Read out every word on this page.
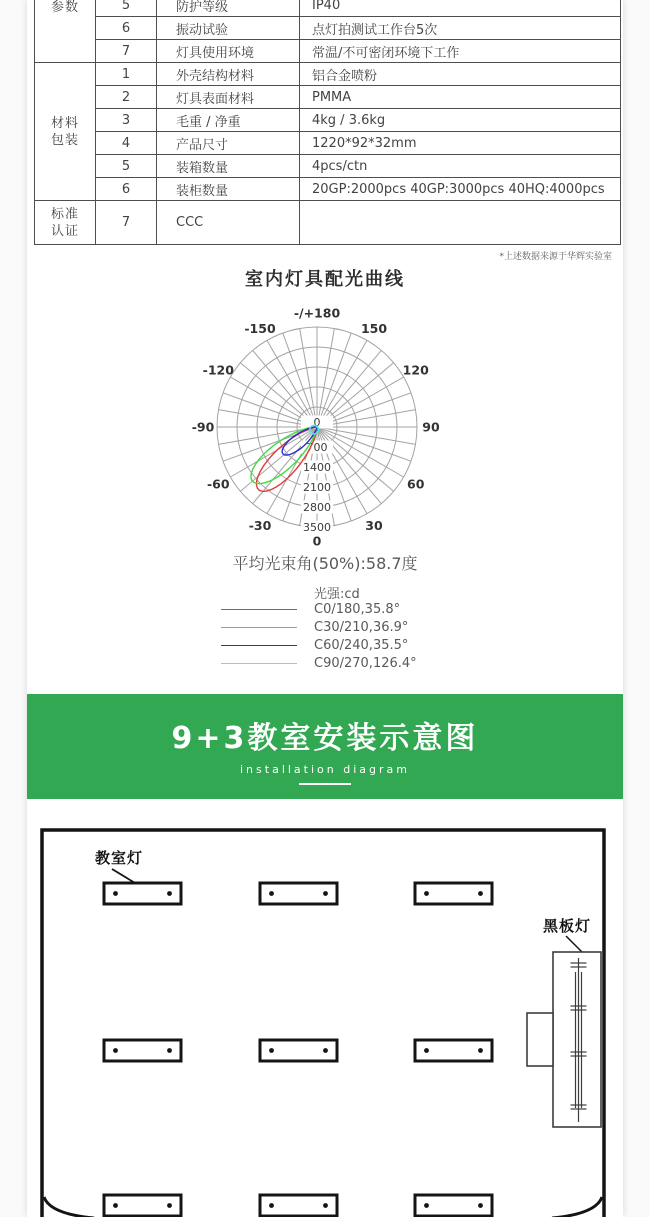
参数	5	防护等级	IP40
	6	振动试验	点灯拍测试工作台5次
	7	灯具使用环境	常温/不可密闭环境下工作
材料
包装	1	外壳结构材料	铝合金喷粉
	2	灯具表面材料	PMMA
	3	毛重 / 净重	4kg / 3.6kg
	4	产品尺寸	1220*92*32mm
	5	装箱数量	4pcs/ctn
	6	装柜数量	20GP:2000pcs 40GP:3000pcs 40HQ:4000pcs
标准
认证	7	CCC	
*上述数据来源于华辉实验室
室内灯具配光曲线
-/+180
150
120
90
60
30
0
-30
-60
-90
-120
-150
0
700
1400
2100
2800
3500
平均光束角(50%):58.7度
光强:cd
C0/180,35.8°
C30/210,36.9°
C60/240,35.5°
C90/270,126.4°
9+3教室安装示意图
installation diagram
教室灯
黑板灯
